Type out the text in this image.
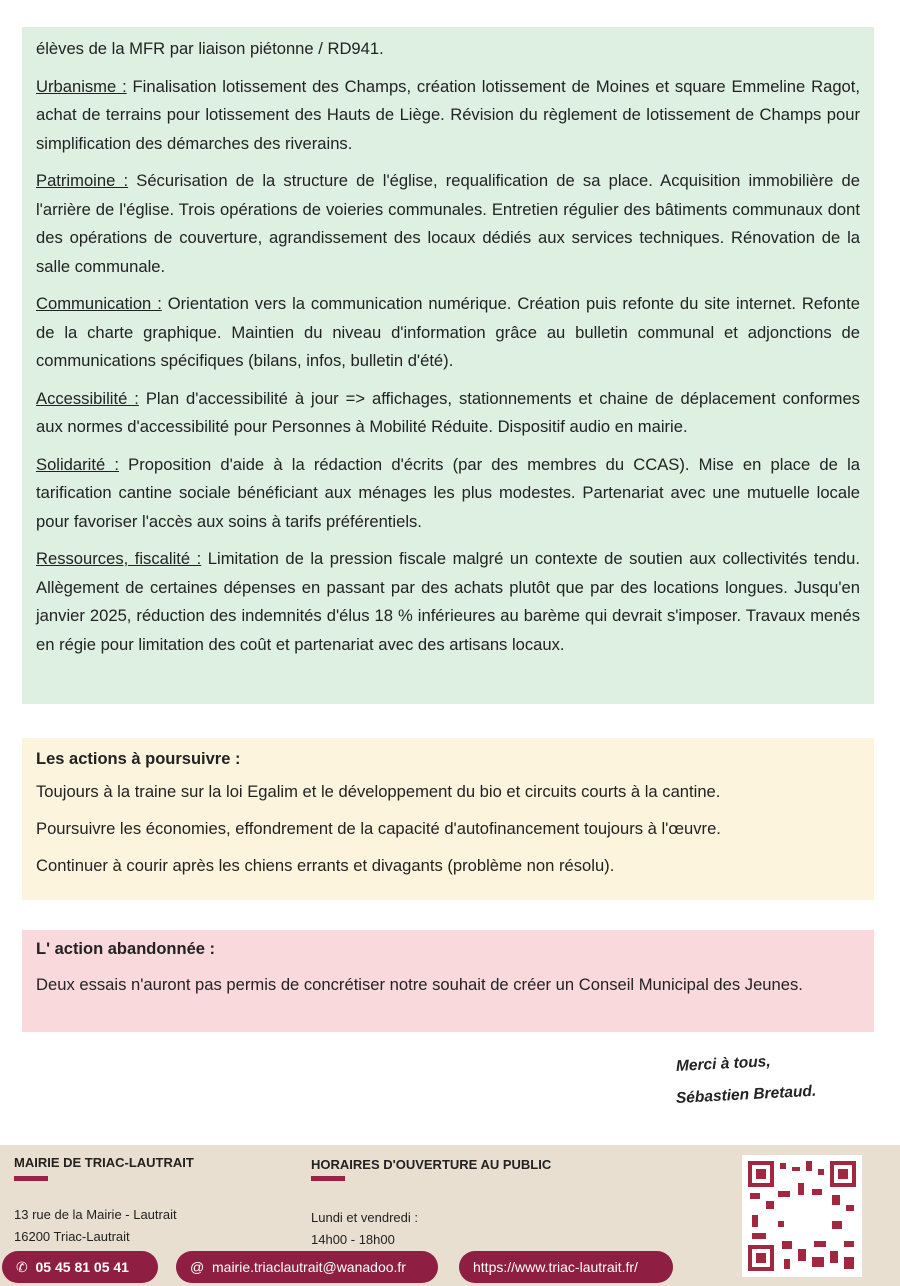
élèves de la MFR par liaison piétonne / RD941.

Urbanisme : Finalisation lotissement des Champs, création lotissement de Moines et square Emmeline Ragot, achat de terrains pour lotissement des Hauts de Liège. Révision du règlement de lotissement de Champs pour simplification des démarches des riverains.

Patrimoine : Sécurisation de la structure de l'église, requalification de sa place. Acquisition immobilière de l'arrière de l'église. Trois opérations de voieries communales. Entretien régulier des bâtiments communaux dont des opérations de couverture, agrandissement des locaux dédiés aux services techniques. Rénovation de la salle communale.

Communication : Orientation vers la communication numérique. Création puis refonte du site internet. Refonte de la charte graphique. Maintien du niveau d'information grâce au bulletin communal et adjonctions de communications spécifiques (bilans, infos, bulletin d'été).

Accessibilité : Plan d'accessibilité à jour => affichages, stationnements et chaine de déplacement conformes aux normes d'accessibilité pour Personnes à Mobilité Réduite. Dispositif audio en mairie.

Solidarité : Proposition d'aide à la rédaction d'écrits (par des membres du CCAS). Mise en place de la tarification cantine sociale bénéficiant aux ménages les plus modestes. Partenariat avec une mutuelle locale pour favoriser l'accès aux soins à tarifs préférentiels.

Ressources, fiscalité : Limitation de la pression fiscale malgré un contexte de soutien aux collectivités tendu. Allègement de certaines dépenses en passant par des achats plutôt que par des locations longues. Jusqu'en janvier 2025, réduction des indemnités d'élus 18 % inférieures au barème qui devrait s'imposer. Travaux menés en régie pour limitation des coût et partenariat avec des artisans locaux.

Les actions à poursuivre :

Toujours à la traine sur la loi Egalim et le développement du bio et circuits courts à la cantine.

Poursuivre les économies, effondrement de la capacité d'autofinancement toujours à l'œuvre.

Continuer à courir après les chiens errants et divagants (problème non résolu).

L' action abandonnée :

Deux essais n'auront pas permis de concrétiser notre souhait de créer un Conseil Municipal des Jeunes.

Merci à tous,
Sébastien Bretaud.
MAIRIE DE TRIAC-LAUTRAIT
13 rue de la Mairie - Lautrait
16200 Triac-Lautrait
HORAIRES D'OUVERTURE AU PUBLIC
Lundi et vendredi :
14h00 - 18h00
✆ 05 45 81 05 41	@ mairie.triaclautrait@wanadoo.fr	https://www.triac-lautrait.fr/
